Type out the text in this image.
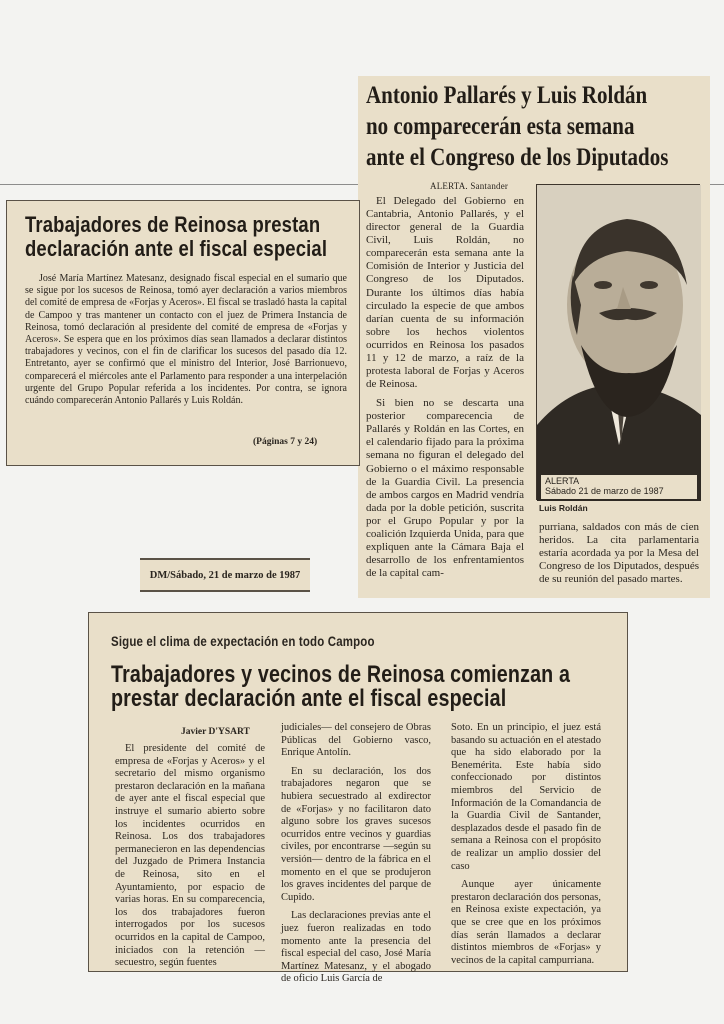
Antonio Pallarés y Luis Roldán no comparecerán esta semana ante el Congreso de los Diputados
ALERTA. Santander

El Delegado del Gobierno en Cantabria, Antonio Pallarés, y el director general de la Guardia Civil, Luis Roldán, no comparecerán esta semana ante la Comisión de Interior y Justicia del Congreso de los Diputados. Durante los últimos días había circulado la especie de que ambos darían cuenta de su información sobre los hechos violentos ocurridos en Reinosa los pasados 11 y 12 de marzo, a raíz de la protesta laboral de Forjas y Aceros de Reinosa.

Si bien no se descarta una posterior comparecencia de Pallarés y Roldán en las Cortes, en el calendario fijado para la próxima semana no figuran el delegado del Gobierno o el máximo responsable de la Guardia Civil. La presencia de ambos cargos en Madrid vendría dada por la doble petición, suscrita por el Grupo Popular y por la coalición Izquierda Unida, para que expliquen ante la Cámara Baja el desarrollo de los enfrentamientos de la capital cam-

ALERTA
Sábado 21 de marzo de 1987
Luis Roldán
purriana, saldados con más de cien heridos. La cita parlamentaria estaría acordada ya por la Mesa del Congreso de los Diputados, después de su reunión del pasado martes.
Trabajadores de Reinosa prestan declaración ante el fiscal especial

José María Martínez Matesanz, designado fiscal especial en el sumario que se sigue por los sucesos de Reinosa, tomó ayer declaración a varios miembros del comité de empresa de «Forjas y Aceros». El fiscal se trasladó hasta la capital de Campoo y tras mantener un contacto con el juez de Primera Instancia de Reinosa, tomó declaración al presidente del comité de empresa de «Forjas y Aceros». Se espera que en los próximos días sean llamados a declarar distintos trabajadores y vecinos, con el fin de clarificar los sucesos del pasado día 12. Entretanto, ayer se confirmó que el ministro del Interior, José Barrionuevo, comparecerá el miércoles ante el Parlamento para responder a una interpelación urgente del Grupo Popular referida a los incidentes. Por contra, se ignora cuándo comparecerán Antonio Pallarés y Luis Roldán.

(Páginas 7 y 24)
DM/Sábado, 21 de marzo de 1987
Sigue el clima de expectación en todo Campoo
Trabajadores y vecinos de Reinosa comienzan a prestar declaración ante el fiscal especial
Javier D'YSART

El presidente del comité de empresa de «Forjas y Aceros» y el secretario del mismo organismo prestaron declaración en la mañana de ayer ante el fiscal especial que instruye el sumario abierto sobre los incidentes ocurridos en Reinosa. Los dos trabajadores permanecieron en las dependencias del Juzgado de Primera Instancia de Reinosa, sito en el Ayuntamiento, por espacio de varias horas. En su comparecencia, los dos trabajadores fueron interrogados por los sucesos ocurridos en la capital de Campoo, iniciados con la retención —secuestro, según fuentes

judiciales— del consejero de Obras Públicas del Gobierno vasco, Enrique Antolín.

En su declaración, los dos trabajadores negaron que se hubiera secuestrado al exdirector de «Forjas» y no facilitaron dato alguno sobre los graves sucesos ocurridos entre vecinos y guardias civiles, por encontrarse —según su versión— dentro de la fábrica en el momento en el que se produjeron los graves incidentes del parque de Cupido.

Las declaraciones previas ante el juez fueron realizadas en todo momento ante la presencia del fiscal especial del caso, José María Martínez Matesanz, y el abogado de oficio Luis García de

Soto. En un principio, el juez está basando su actuación en el atestado que ha sido elaborado por la Benemérita. Este había sido confeccionado por distintos miembros del Servicio de Información de la Comandancia de la Guardia Civil de Santander, desplazados desde el pasado fin de semana a Reinosa con el propósito de realizar un amplio dossier del caso

Aunque ayer únicamente prestaron declaración dos personas, en Reinosa existe expectación, ya que se cree que en los próximos días serán llamados a declarar distintos miembros de «Forjas» y vecinos de la capital campurriana.
